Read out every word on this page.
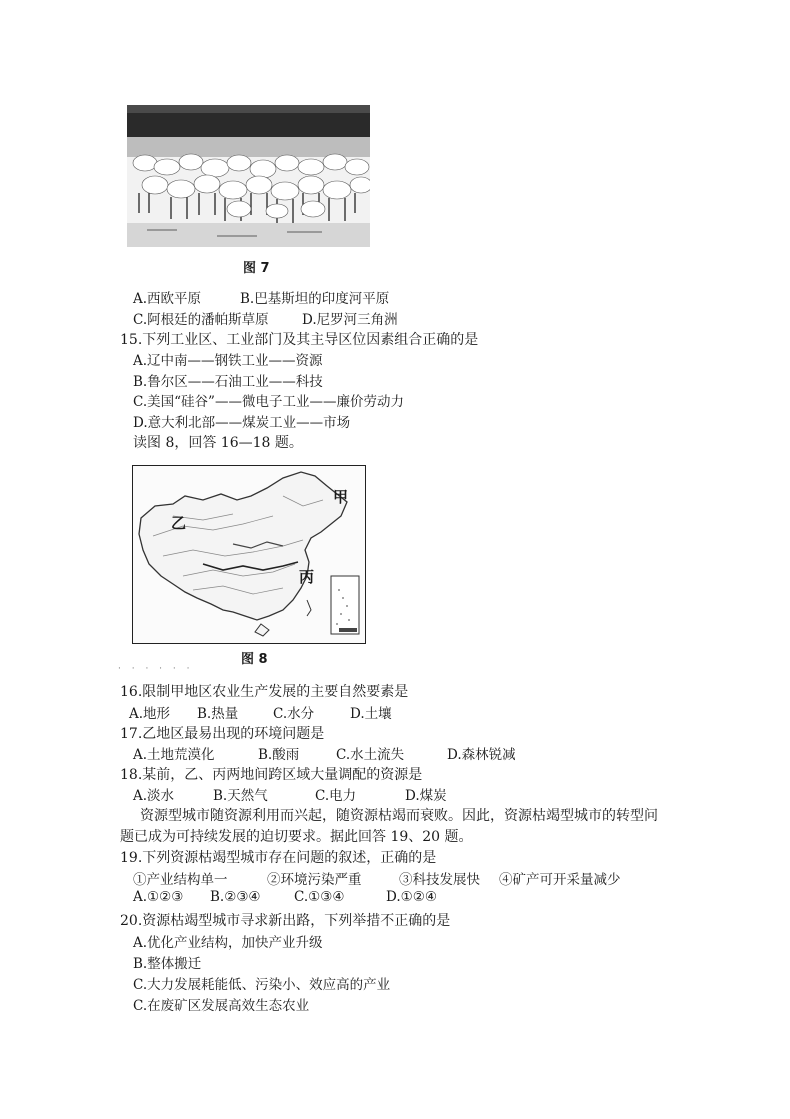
图 7
A.西欧平原	B.巴基斯坦的印度河平原
C.阿根廷的潘帕斯草原 D.尼罗河三角洲
15.下列工业区、工业部门及其主导区位因素组合正确的是
A.辽中南——钢铁工业——资源
B.鲁尔区——石油工业——科技
C.美国“硅谷”——微电子工业——廉价劳动力
D.意大利北部——煤炭工业——市场
读图 8，回答 16—18 题。
甲
乙
丙
图 8
· · · · · ·
16.限制甲地区农业生产发展的主要自然要素是
A.地形 B.热量	C.水分	D.土壤
17.乙地区最易出现的环境问题是
A.土地荒漠化	B.酸雨	C.水土流失	D.森林锐减
18.某前，乙、丙两地间跨区域大量调配的资源是
A.淡水	B.天然气	C.电力	D.煤炭
资源型城市随资源利用而兴起，随资源枯竭而衰败。因此，资源枯竭型城市的转型问
题已成为可持续发展的迫切要求。据此回答 19、20 题。
19.下列资源枯竭型城市存在问题的叙述，正确的是
①产业结构单一	②环境污染严重	③科技发展快 ④矿产可开采量减少
A.①②③ B.②③④ C.①③④	D.①②④
20.资源枯竭型城市寻求新出路，下列举措不正确的是
A.优化产业结构，加快产业升级
B.整体搬迁
C.大力发展耗能低、污染小、效应高的产业
C.在废矿区发展高效生态农业
